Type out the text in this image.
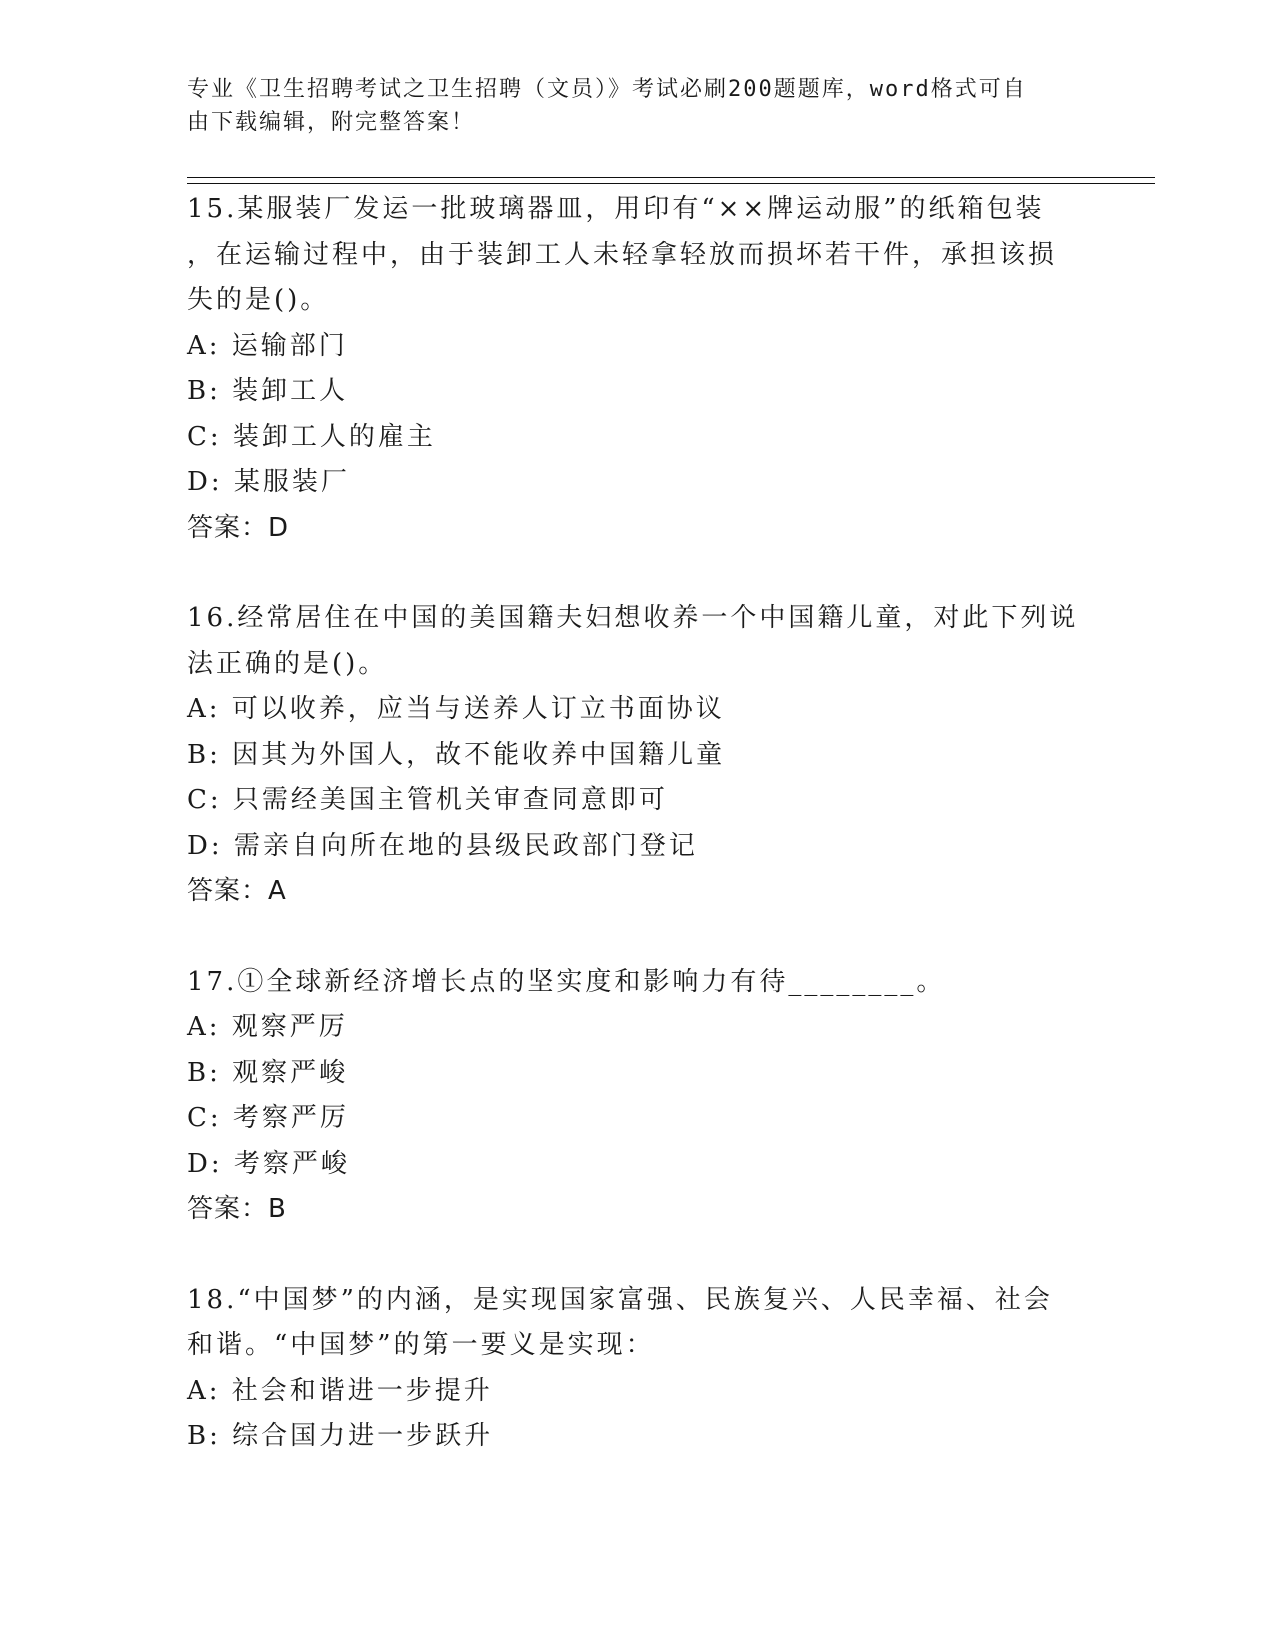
专业《卫生招聘考试之卫生招聘（文员）》考试必刷200题题库，word格式可自
由下载编辑，附完整答案！
15.某服装厂发运一批玻璃器皿，用印有“××牌运动服”的纸箱包装
，在运输过程中，由于装卸工人未轻拿轻放而损坏若干件，承担该损
失的是()。
A: 运输部门
B: 装卸工人
C: 装卸工人的雇主
D: 某服装厂
答案：D
16.经常居住在中国的美国籍夫妇想收养一个中国籍儿童，对此下列说
法正确的是()。
A: 可以收养，应当与送养人订立书面协议
B: 因其为外国人，故不能收养中国籍儿童
C: 只需经美国主管机关审查同意即可
D: 需亲自向所在地的县级民政部门登记
答案：A
17.①全球新经济增长点的坚实度和影响力有待________。
A: 观察严厉
B: 观察严峻
C: 考察严厉
D: 考察严峻
答案：B
18.“中国梦”的内涵，是实现国家富强、民族复兴、人民幸福、社会
和谐。“中国梦”的第一要义是实现：
A: 社会和谐进一步提升
B: 综合国力进一步跃升
